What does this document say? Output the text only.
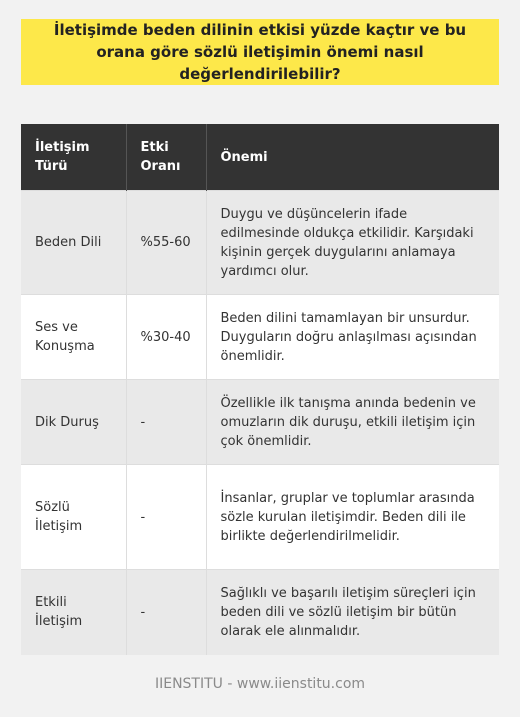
İletişimde beden dilinin etkisi yüzde kaçtır ve bu orana göre sözlü iletişimin önemi nasıl değerlendirilebilir?
İletişim Türü	Etki Oranı	Önemi
Beden Dili	%55-60	Duygu ve düşüncelerin ifade edilmesinde oldukça etkilidir. Karşıdaki kişinin gerçek duygularını anlamaya yardımcı olur.
Ses ve Konuşma	%30-40	Beden dilini tamamlayan bir unsurdur. Duyguların doğru anlaşılması açısından önemlidir.
Dik Duruş	-	Özellikle ilk tanışma anında bedenin ve omuzların dik duruşu, etkili iletişim için çok önemlidir.
Sözlü İletişim	-	İnsanlar, gruplar ve toplumlar arasında sözle kurulan iletişimdir. Beden dili ile birlikte değerlendirilmelidir.
Etkili İletişim	-	Sağlıklı ve başarılı iletişim süreçleri için beden dili ve sözlü iletişim bir bütün olarak ele alınmalıdır.
IIENSTITU - www.iienstitu.com
